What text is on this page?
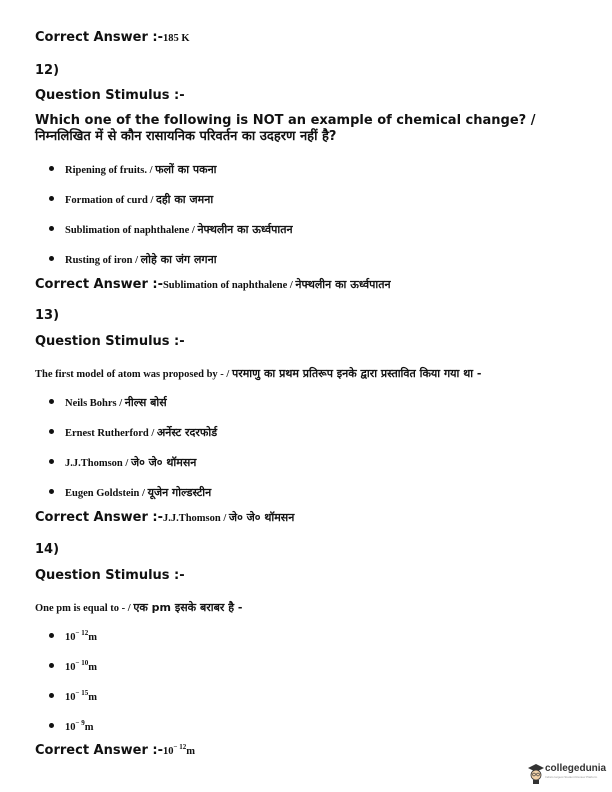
Correct Answer :-185 K
12)
Question Stimulus :-
Which one of the following is NOT an example of chemical change? / निम्नलिखित में से कौन रासायनिक परिवर्तन का उदहरण नहीं है?
Ripening of fruits. / फलों का पकना
Formation of curd / दही का जमना
Sublimation of naphthalene / नेफ्थलीन का ऊर्ध्वपातन
Rusting of iron / लोहे का जंग लगना
Correct Answer :-Sublimation of naphthalene / नेफ्थलीन का ऊर्ध्वपातन
13)
Question Stimulus :-
The first model of atom was proposed by - / परमाणु का प्रथम प्रतिरूप इनके द्वारा प्रस्तावित किया गया था -
Neils Bohrs / नील्स बोर्स
Ernest Rutherford / अर्नेस्ट रदरफोर्ड
J.J.Thomson / जे० जे० थॉमसन
Eugen Goldstein / यूजेन गोल्डस्टीन
Correct Answer :-J.J.Thomson / जे० जे० थॉमसन
14)
Question Stimulus :-
One pm is equal to - / एक pm इसके बराबर है -
$10^{- 12}m$
$10^{- 10}m$
$10^{- 15}m$
$10^{- 9}m$
Correct Answer $:-10^{- 12}m$
collegedunia
India's largest Student Review Platform
